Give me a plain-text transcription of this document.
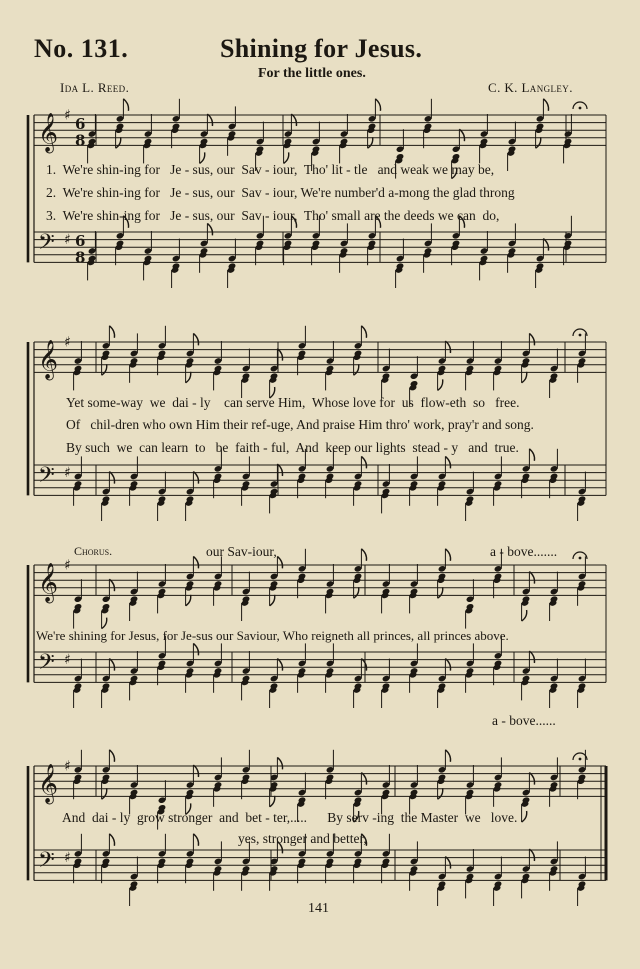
No. 131.	Shining for Jesus.
For the little ones.
Ida L. Reed.	C. K. Langley.
𝄞
𝄢
♯
♯
6
8
6
8
𝄞
𝄢
♯
♯
𝄞
𝄢
♯
♯
𝄞
𝄢
♯
♯
1.  We're shin-ing for   Je - sus, our  Sav - iour,  Tho' lit - tle   and weak we may be,
2.  We're shin-ing for   Je - sus, our  Sav - iour, We're number'd a-mong the glad throng
3.  We're shin-ing for   Je - sus, our  Sav - iour,  Tho' small are the deeds we can  do,
Yet some-way  we  dai - ly    can serve Him,  Whose love for  us  flow-eth  so   free.
Of   chil-dren who own Him their ref-uge, And praise Him thro' work, pray'r and song.
By such  we  can learn  to   be  faith - ful,  And  keep our lights  stead - y   and  true.
Chorus.	our Sav-iour,	a - bove.......
We're shining for Jesus, for Je-sus our Saviour, Who reigneth all princes, all princes above.
a - bove......
And  dai - ly  grow stronger  and  bet - ter,.....      By serv -ing  the Master  we   love.
yes, stronger and better,
141
